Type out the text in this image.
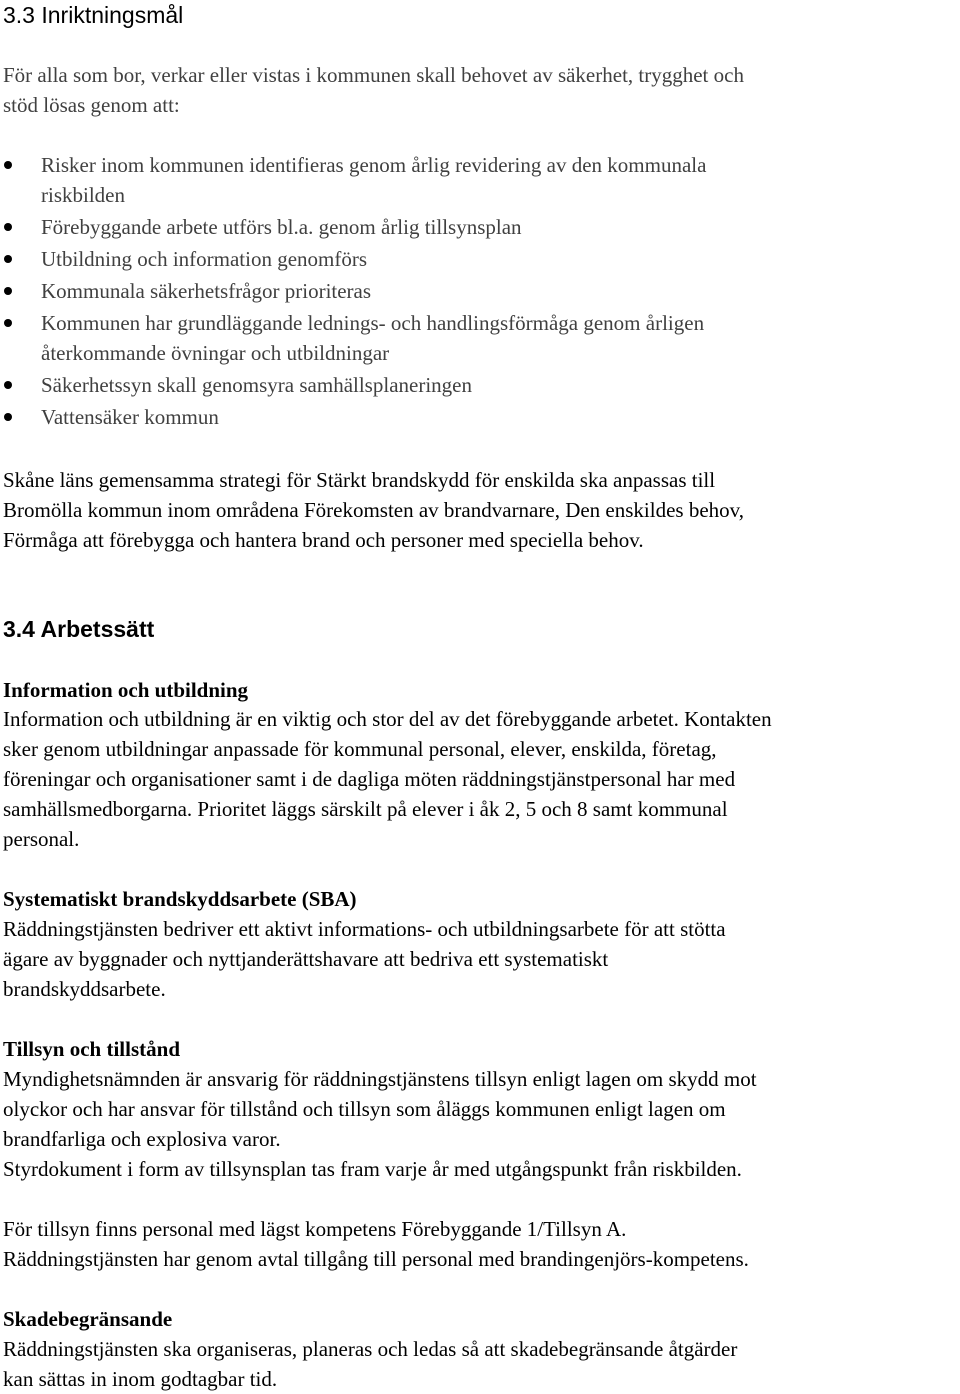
3.3 Inriktningsmål

För alla som bor, verkar eller vistas i kommunen skall behovet av säkerhet, trygghet och

stöd lösas genom att:

Risker inom kommunen identifieras genom årlig revidering av den kommunala
riskbilden
Förebyggande arbete utförs bl.a. genom årlig tillsynsplan
Utbildning och information genomförs
Kommunala säkerhetsfrågor prioriteras
Kommunen har grundläggande lednings- och handlingsförmåga genom årligen
återkommande övningar och utbildningar
Säkerhetssyn skall genomsyra samhällsplaneringen
Vattensäker kommun

Skåne läns gemensamma strategi för Stärkt brandskydd för enskilda ska anpassas till

Bromölla kommun inom områdena Förekomsten av brandvarnare, Den enskildes behov,

Förmåga att förebygga och hantera brand och personer med speciella behov.

3.4 Arbetssätt
Information och utbildning

Information och utbildning är en viktig och stor del av det förebyggande arbetet. Kontakten

sker genom utbildningar anpassade för kommunal personal, elever, enskilda, företag,

föreningar och organisationer samt i de dagliga möten räddningstjänstpersonal har med

samhällsmedborgarna. Prioritet läggs särskilt på elever i åk 2, 5 och 8 samt kommunal

personal.

Systematiskt brandskyddsarbete (SBA)

Räddningstjänsten bedriver ett aktivt informations- och utbildningsarbete för att stötta

ägare av byggnader och nyttjanderättshavare att bedriva ett systematiskt

brandskyddsarbete.

Tillsyn och tillstånd

Myndighetsnämnden är ansvarig för räddningstjänstens tillsyn enligt lagen om skydd mot

olyckor och har ansvar för tillstånd och tillsyn som åläggs kommunen enligt lagen om

brandfarliga och explosiva varor.

Styrdokument i form av tillsynsplan tas fram varje år med utgångspunkt från riskbilden.

För tillsyn finns personal med lägst kompetens Förebyggande 1/Tillsyn A.

Räddningstjänsten har genom avtal tillgång till personal med brandingenjörs-kompetens.

Skadebegränsande

Räddningstjänsten ska organiseras, planeras och ledas så att skadebegränsande åtgärder

kan sättas in inom godtagbar tid.
